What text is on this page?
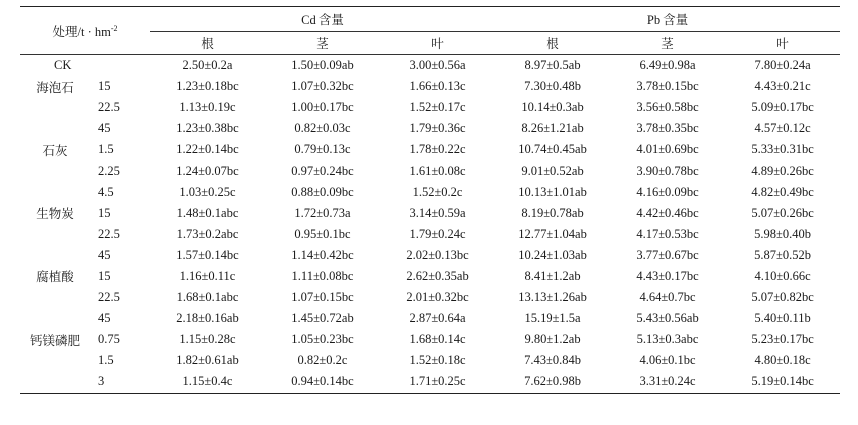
处理$/t \cdot hm^{-2}$		Cd 含量			Pb 含量		
		根	茎	叶	根	茎	叶
CK		2.50±0.2a	1.50±0.09ab	3.00±0.56a	8.97±0.5ab	6.49±0.98a	7.80±0.24a
海泡石	15	1.23±0.18bc	1.07±0.32bc	1.66±0.13c	7.30±0.48b	3.78±0.15bc	4.43±0.21c
	22.5	1.13±0.19c	1.00±0.17bc	1.52±0.17c	10.14±0.3ab	3.56±0.58bc	5.09±0.17bc
	45	1.23±0.38bc	0.82±0.03c	1.79±0.36c	8.26±1.21ab	3.78±0.35bc	4.57±0.12c
石灰	1.5	1.22±0.14bc	0.79±0.13c	1.78±0.22c	10.74±0.45ab	4.01±0.69bc	5.33±0.31bc
	2.25	1.24±0.07bc	0.97±0.24bc	1.61±0.08c	9.01±0.52ab	3.90±0.78bc	4.89±0.26bc
	4.5	1.03±0.25c	0.88±0.09bc	1.52±0.2c	10.13±1.01ab	4.16±0.09bc	4.82±0.49bc
生物炭	15	1.48±0.1abc	1.72±0.73a	3.14±0.59a	8.19±0.78ab	4.42±0.46bc	5.07±0.26bc
	22.5	1.73±0.2abc	0.95±0.1bc	1.79±0.24c	12.77±1.04ab	4.17±0.53bc	5.98±0.40b
	45	1.57±0.14bc	1.14±0.42bc	2.02±0.13bc	10.24±1.03ab	3.77±0.67bc	5.87±0.52b
腐植酸	15	1.16±0.11c	1.11±0.08bc	2.62±0.35ab	8.41±1.2ab	4.43±0.17bc	4.10±0.66c
	22.5	1.68±0.1abc	1.07±0.15bc	2.01±0.32bc	13.13±1.26ab	4.64±0.7bc	5.07±0.82bc
	45	2.18±0.16ab	1.45±0.72ab	2.87±0.64a	15.19±1.5a	5.43±0.56ab	5.40±0.11b
钙镁磷肥	0.75	1.15±0.28c	1.05±0.23bc	1.68±0.14c	9.80±1.2ab	5.13±0.3abc	5.23±0.17bc
	1.5	1.82±0.61ab	0.82±0.2c	1.52±0.18c	7.43±0.84b	4.06±0.1bc	4.80±0.18c
	3	1.15±0.4c	0.94±0.14bc	1.71±0.25c	7.62±0.98b	3.31±0.24c	5.19±0.14bc
